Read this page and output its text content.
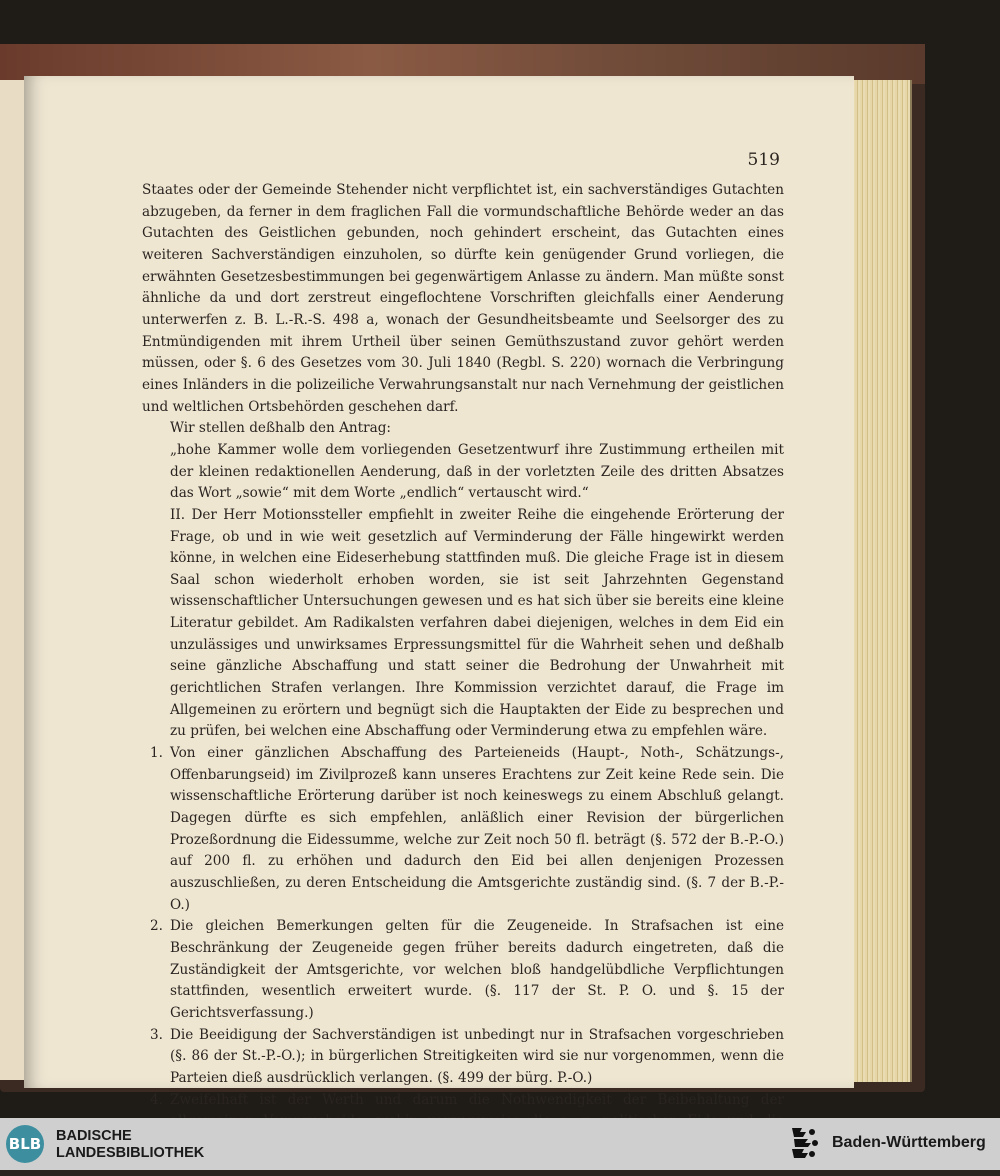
519

Staates oder der Gemeinde Stehender nicht verpflichtet ist, ein sachverständiges Gutachten abzugeben, da ferner in dem fraglichen Fall die vormundschaftliche Behörde weder an das Gutachten des Geistlichen gebunden, noch gehindert erscheint, das Gutachten eines weiteren Sachverständigen einzuholen, so dürfte kein genügender Grund vorliegen, die erwähnten Gesetzesbestimmungen bei gegenwärtigem Anlasse zu ändern. Man müßte sonst ähnliche da und dort zerstreut eingeflochtene Vorschriften gleichfalls einer Aenderung unterwerfen z. B. L.-R.-S. 498 a, wonach der Gesundheitsbeamte und Seelsorger des zu Entmündigenden mit ihrem Urtheil über seinen Gemüthszustand zuvor gehört werden müssen, oder §. 6 des Gesetzes vom 30. Juli 1840 (Regbl. S. 220) wornach die Verbringung eines Inländers in die polizeiliche Verwahrungsanstalt nur nach Vernehmung der geistlichen und weltlichen Ortsbehörden geschehen darf.

Wir stellen deßhalb den Antrag:

„hohe Kammer wolle dem vorliegenden Gesetzentwurf ihre Zustimmung ertheilen mit der kleinen redaktionellen Aenderung, daß in der vorletzten Zeile des dritten Absatzes das Wort „sowie“ mit dem Worte „endlich“ vertauscht wird.“

II. Der Herr Motionssteller empfiehlt in zweiter Reihe die eingehende Erörterung der Frage, ob und in wie weit gesetzlich auf Verminderung der Fälle hingewirkt werden könne, in welchen eine Eideserhebung stattfinden muß. Die gleiche Frage ist in diesem Saal schon wiederholt erhoben worden, sie ist seit Jahrzehnten Gegenstand wissenschaftlicher Untersuchungen gewesen und es hat sich über sie bereits eine kleine Literatur gebildet. Am Radikalsten verfahren dabei diejenigen, welches in dem Eid ein unzulässiges und unwirksames Erpressungsmittel für die Wahrheit sehen und deßhalb seine gänzliche Abschaffung und statt seiner die Bedrohung der Unwahrheit mit gerichtlichen Strafen verlangen. Ihre Kommission verzichtet darauf, die Frage im Allgemeinen zu erörtern und begnügt sich die Hauptakten der Eide zu besprechen und zu prüfen, bei welchen eine Abschaffung oder Verminderung etwa zu empfehlen wäre.

1. Von einer gänzlichen Abschaffung des Parteieneids (Haupt-, Noth-, Schätzungs-, Offenbarungseid) im Zivilprozeß kann unseres Erachtens zur Zeit keine Rede sein. Die wissenschaftliche Erörterung darüber ist noch keineswegs zu einem Abschluß gelangt. Dagegen dürfte es sich empfehlen, anläßlich einer Revision der bürgerlichen Prozeßordnung die Eidessumme, welche zur Zeit noch 50 fl. beträgt (§. 572 der B.-P.-O.) auf 200 fl. zu erhöhen und dadurch den Eid bei allen denjenigen Prozessen auszuschließen, zu deren Entscheidung die Amtsgerichte zuständig sind. (§. 7 der B.-P.-O.)

2. Die gleichen Bemerkungen gelten für die Zeugeneide. In Strafsachen ist eine Beschränkung der Zeugeneide gegen früher bereits dadurch eingetreten, daß die Zuständigkeit der Amtsgerichte, vor welchen bloß handgelübdliche Verpflichtungen stattfinden, wesentlich erweitert wurde. (§. 117 der St. P. O. und §. 15 der Gerichtsverfassung.)

3. Die Beeidigung der Sachverständigen ist unbedingt nur in Strafsachen vorgeschrieben (§. 86 der St.-P.-O.); in bürgerlichen Streitigkeiten wird sie nur vorgenommen, wenn die Parteien dieß ausdrücklich verlangen. (§. 499 der bürg. P.-O.)

4. Zweifelhaft ist der Werth und darum die Nothwendigkeit der Beibehaltung der

BLB BADISCHE
LANDESBIBLIOTHEK
Baden-Württemberg
